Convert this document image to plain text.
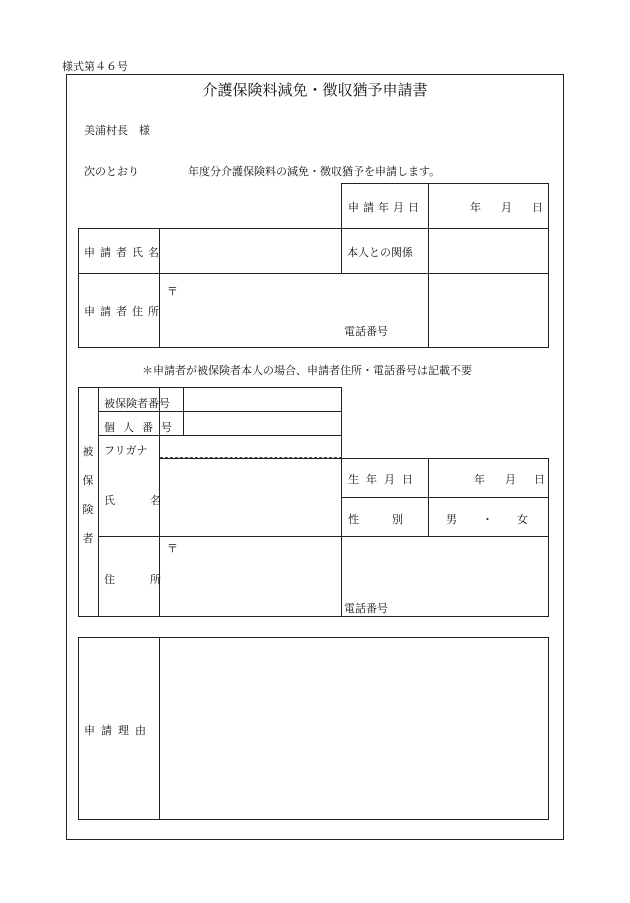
様式第４６号
介護保険料減免・徴収猶予申請書
美浦村長　様
次のとおり	年度分介護保険料の減免・徴収猶予を申請します。
申請年月日	年 月 日
申請者氏名	本人との関係
申請者住所
〒
電話番号
＊申請者が被保険者本人の場合、申請者住所・電話番号は記載不要
被
保
険
者
被保険者番号
個人番号
フリガナ
氏　名
生年月日	年 月 日
性　　　別	男 ・ 女
住　所
〒
電話番号
申請理由
